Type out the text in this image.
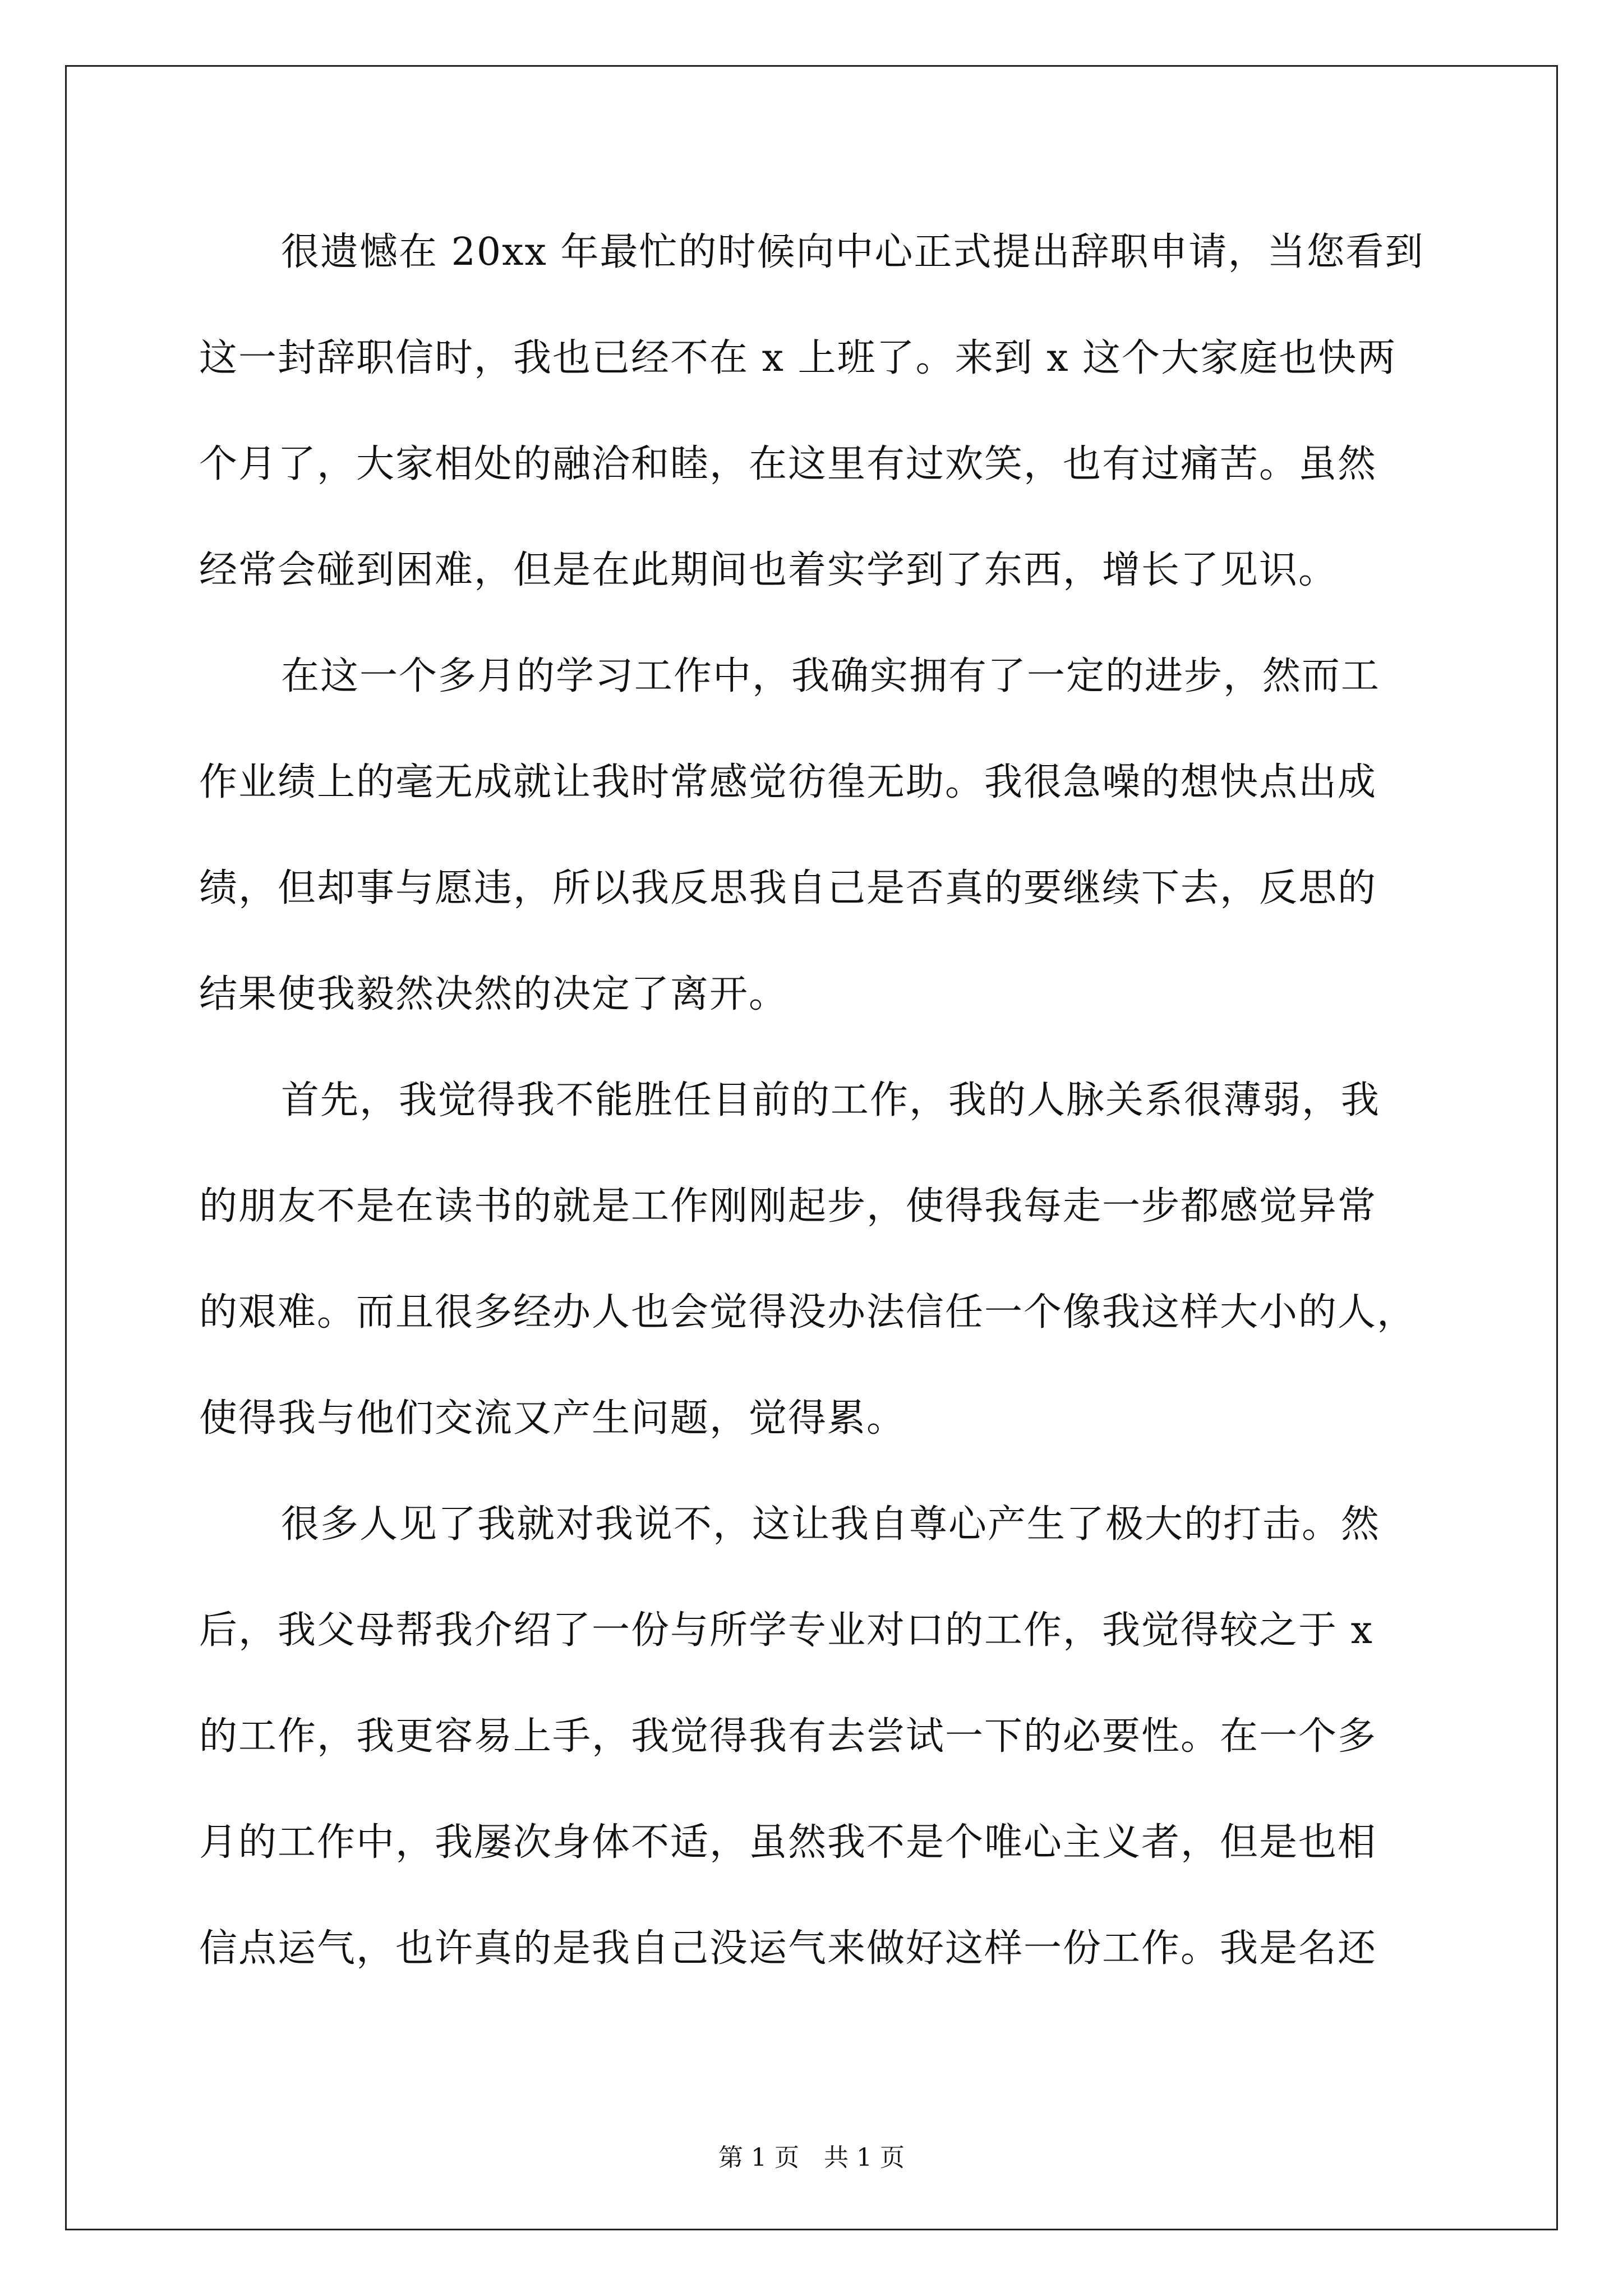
很遗憾在 20xx 年最忙的时候向中心正式提出辞职申请，当您看到
这一封辞职信时，我也已经不在 x 上班了。来到 x 这个大家庭也快两
个月了，大家相处的融洽和睦，在这里有过欢笑，也有过痛苦。虽然
经常会碰到困难，但是在此期间也着实学到了东西，增长了见识。
在这一个多月的学习工作中，我确实拥有了一定的进步，然而工
作业绩上的毫无成就让我时常感觉彷徨无助。我很急噪的想快点出成
绩，但却事与愿违，所以我反思我自己是否真的要继续下去，反思的
结果使我毅然决然的决定了离开。
首先，我觉得我不能胜任目前的工作，我的人脉关系很薄弱，我
的朋友不是在读书的就是工作刚刚起步，使得我每走一步都感觉异常
的艰难。而且很多经办人也会觉得没办法信任一个像我这样大小的人，
使得我与他们交流又产生问题，觉得累。
很多人见了我就对我说不，这让我自尊心产生了极大的打击。然
后，我父母帮我介绍了一份与所学专业对口的工作，我觉得较之于 x
的工作，我更容易上手，我觉得我有去尝试一下的必要性。在一个多
月的工作中，我屡次身体不适，虽然我不是个唯心主义者，但是也相
信点运气，也许真的是我自己没运气来做好这样一份工作。我是名还
第 1 页　共 1 页
